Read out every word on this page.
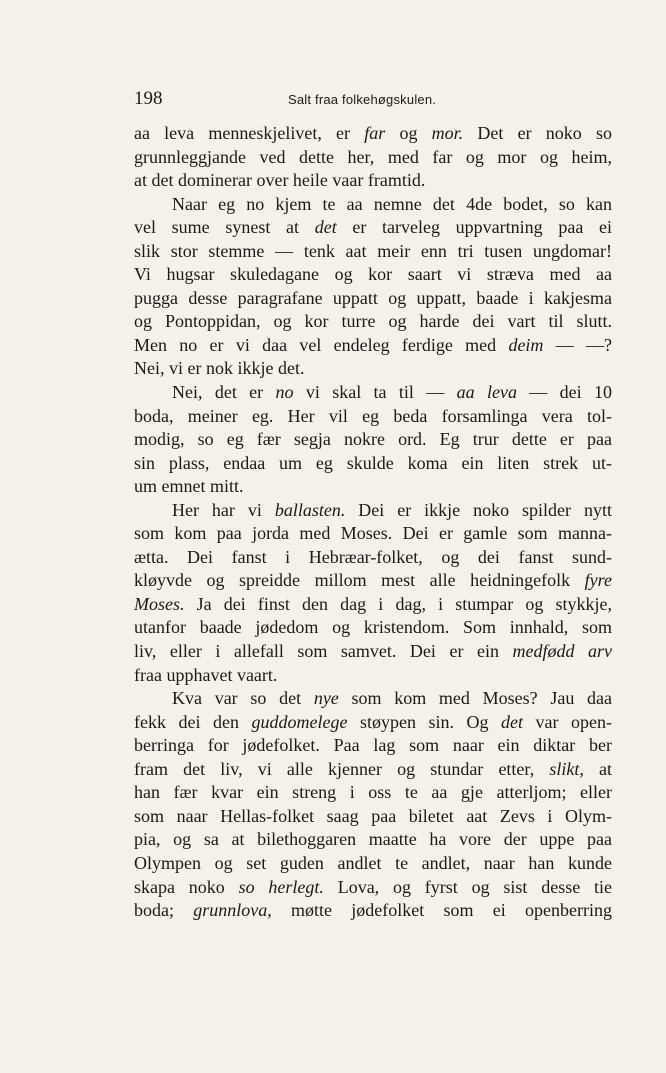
198	Salt fraa folkehøgskulen.
aa leva menneskjelivet, er far og mor. Det er noko so
grunnleggjande ved dette her, med far og mor og heim,
at det dominerar over heile vaar framtid.
Naar eg no kjem te aa nemne det 4de bodet, so kan
vel sume synest at det er tarveleg uppvartning paa ei
slik stor stemme — tenk aat meir enn tri tusen ungdomar!
Vi hugsar skuledagane og kor saart vi stræva med aa
pugga desse paragrafane uppatt og uppatt, baade i kakjesma
og Pontoppidan, og kor turre og harde dei vart til slutt.
Men no er vi daa vel endeleg ferdige med deim — —?
Nei, vi er nok ikkje det.
Nei, det er no vi skal ta til — aa leva — dei 10
boda, meiner eg. Her vil eg beda forsamlinga vera tol-
modig, so eg fær segja nokre ord. Eg trur dette er paa
sin plass, endaa um eg skulde koma ein liten strek ut-
um emnet mitt.
Her har vi ballasten. Dei er ikkje noko spilder nytt
som kom paa jorda med Moses. Dei er gamle som manna-
ætta. Dei fanst i Hebræar-folket, og dei fanst sund-
kløyvde og spreidde millom mest alle heidningefolk fyre
Moses. Ja dei finst den dag i dag, i stumpar og stykkje,
utanfor baade jødedom og kristendom. Som innhald, som
liv, eller i allefall som samvet. Dei er ein medfødd arv
fraa upphavet vaart.
Kva var so det nye som kom med Moses? Jau daa
fekk dei den guddomelege støypen sin. Og det var open-
berringa for jødefolket. Paa lag som naar ein diktar ber
fram det liv, vi alle kjenner og stundar etter, slikt, at
han fær kvar ein streng i oss te aa gje atterljom; eller
som naar Hellas-folket saag paa biletet aat Zevs i Olym-
pia, og sa at bilethoggaren maatte ha vore der uppe paa
Olympen og set guden andlet te andlet, naar han kunde
skapa noko so herlegt. Lova, og fyrst og sist desse tie
boda; grunnlova, møtte jødefolket som ei openberring
